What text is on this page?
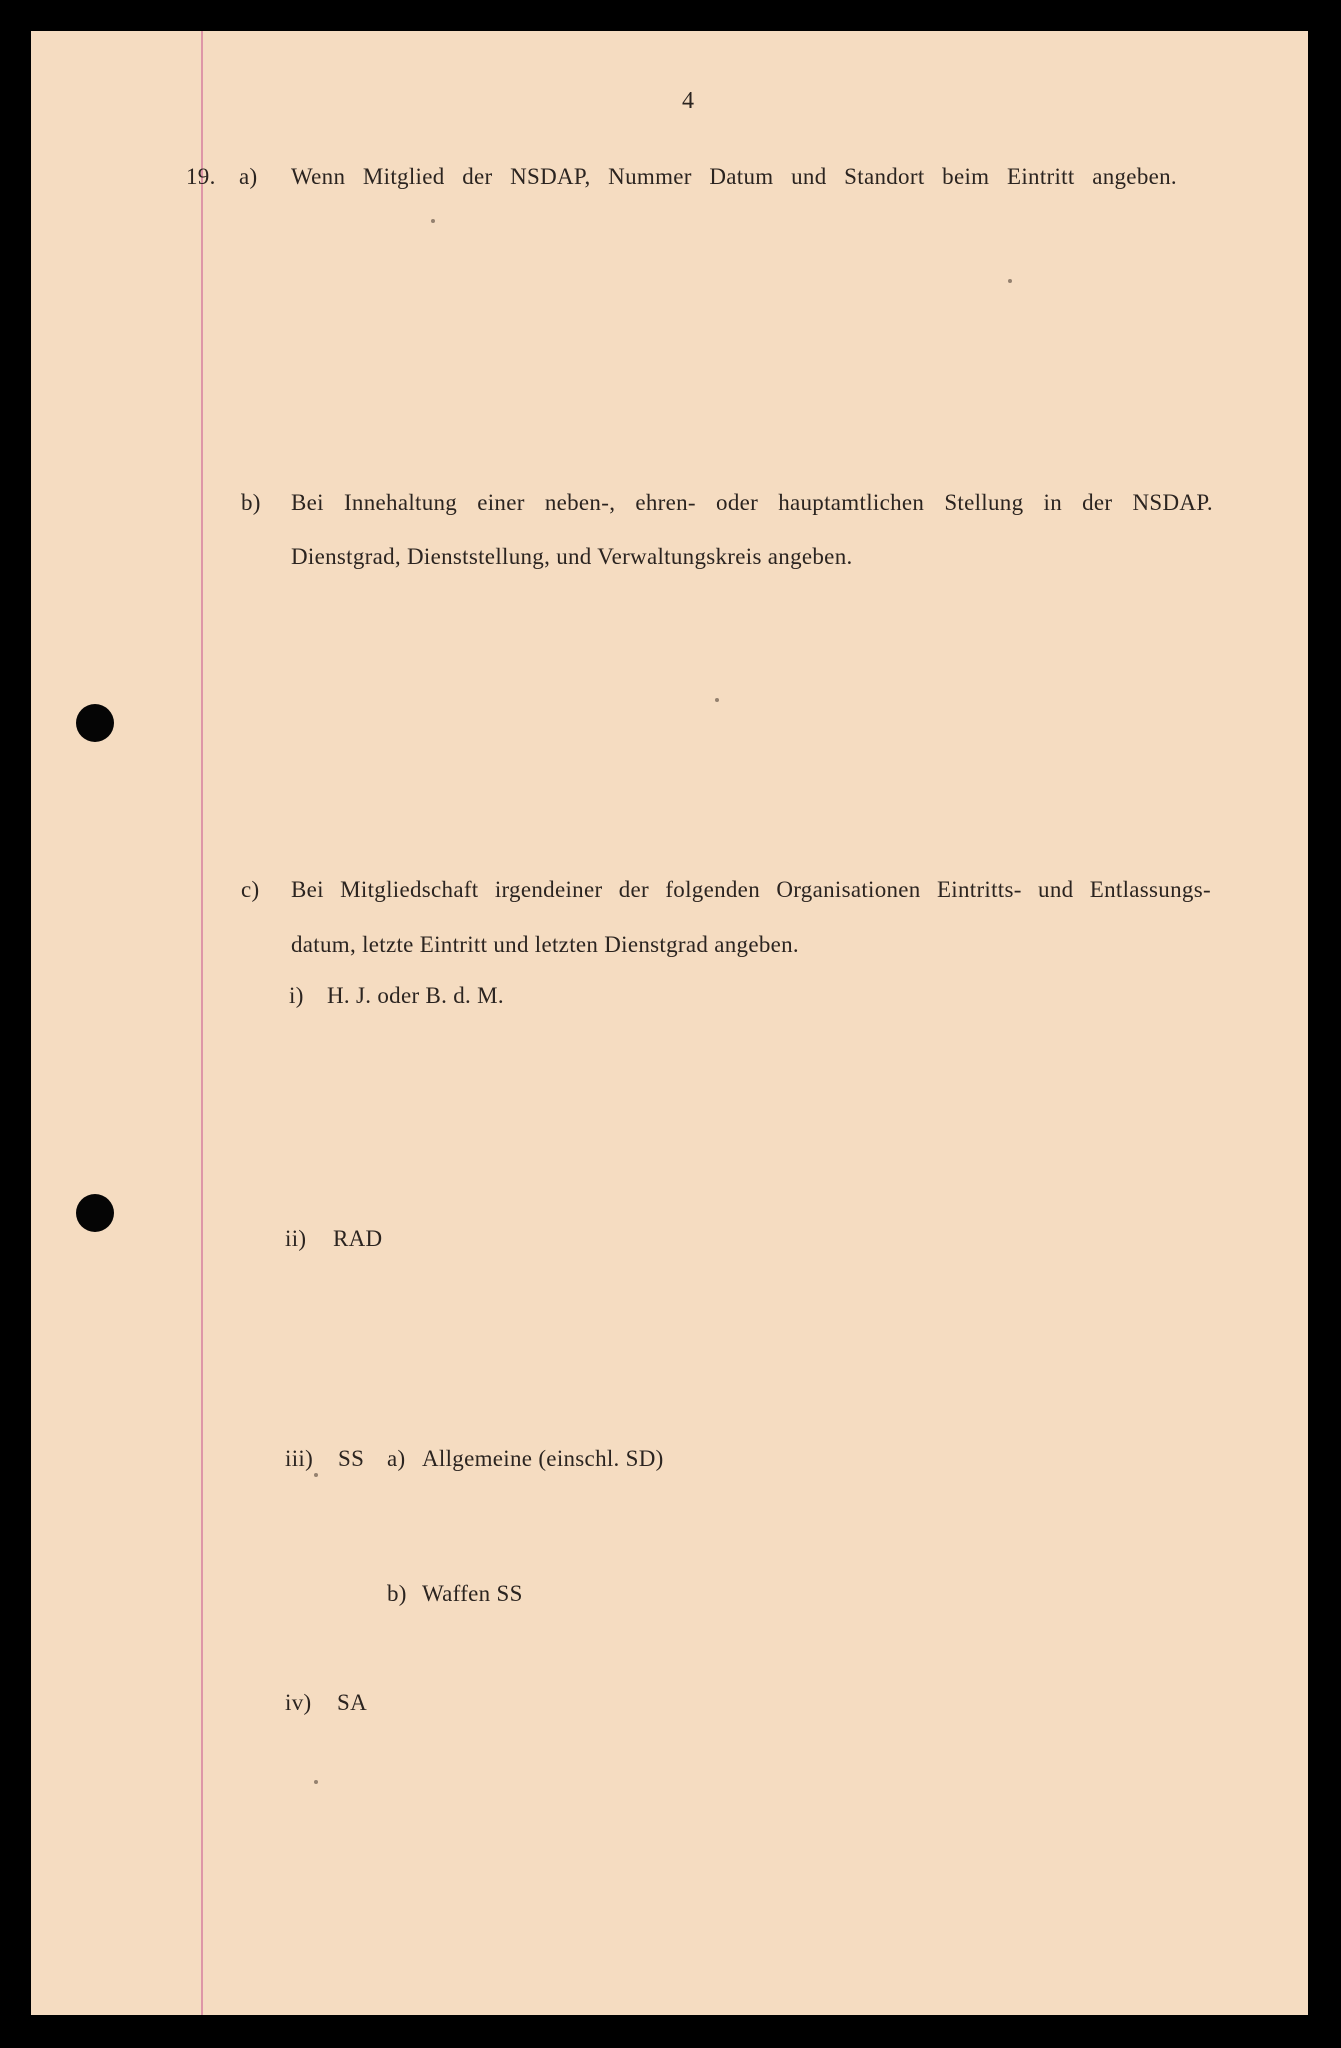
4
19. a) Wenn Mitglied der NSDAP, Nummer Datum und Standort beim Eintritt angeben.
b) Bei Innehaltung einer neben-, ehren- oder hauptamtlichen Stellung in der NSDAP.
Dienstgrad, Dienststellung, und Verwaltungskreis angeben.
c) Bei Mitgliedschaft irgendeiner der folgenden Organisationen Eintritts- und Entlassungs-
datum, letzte Eintritt und letzten Dienstgrad angeben.
i) H. J. oder B. d. M.
ii) RAD
iii) SS a) Allgemeine (einschl. SD)
b) Waffen SS
iv) SA
